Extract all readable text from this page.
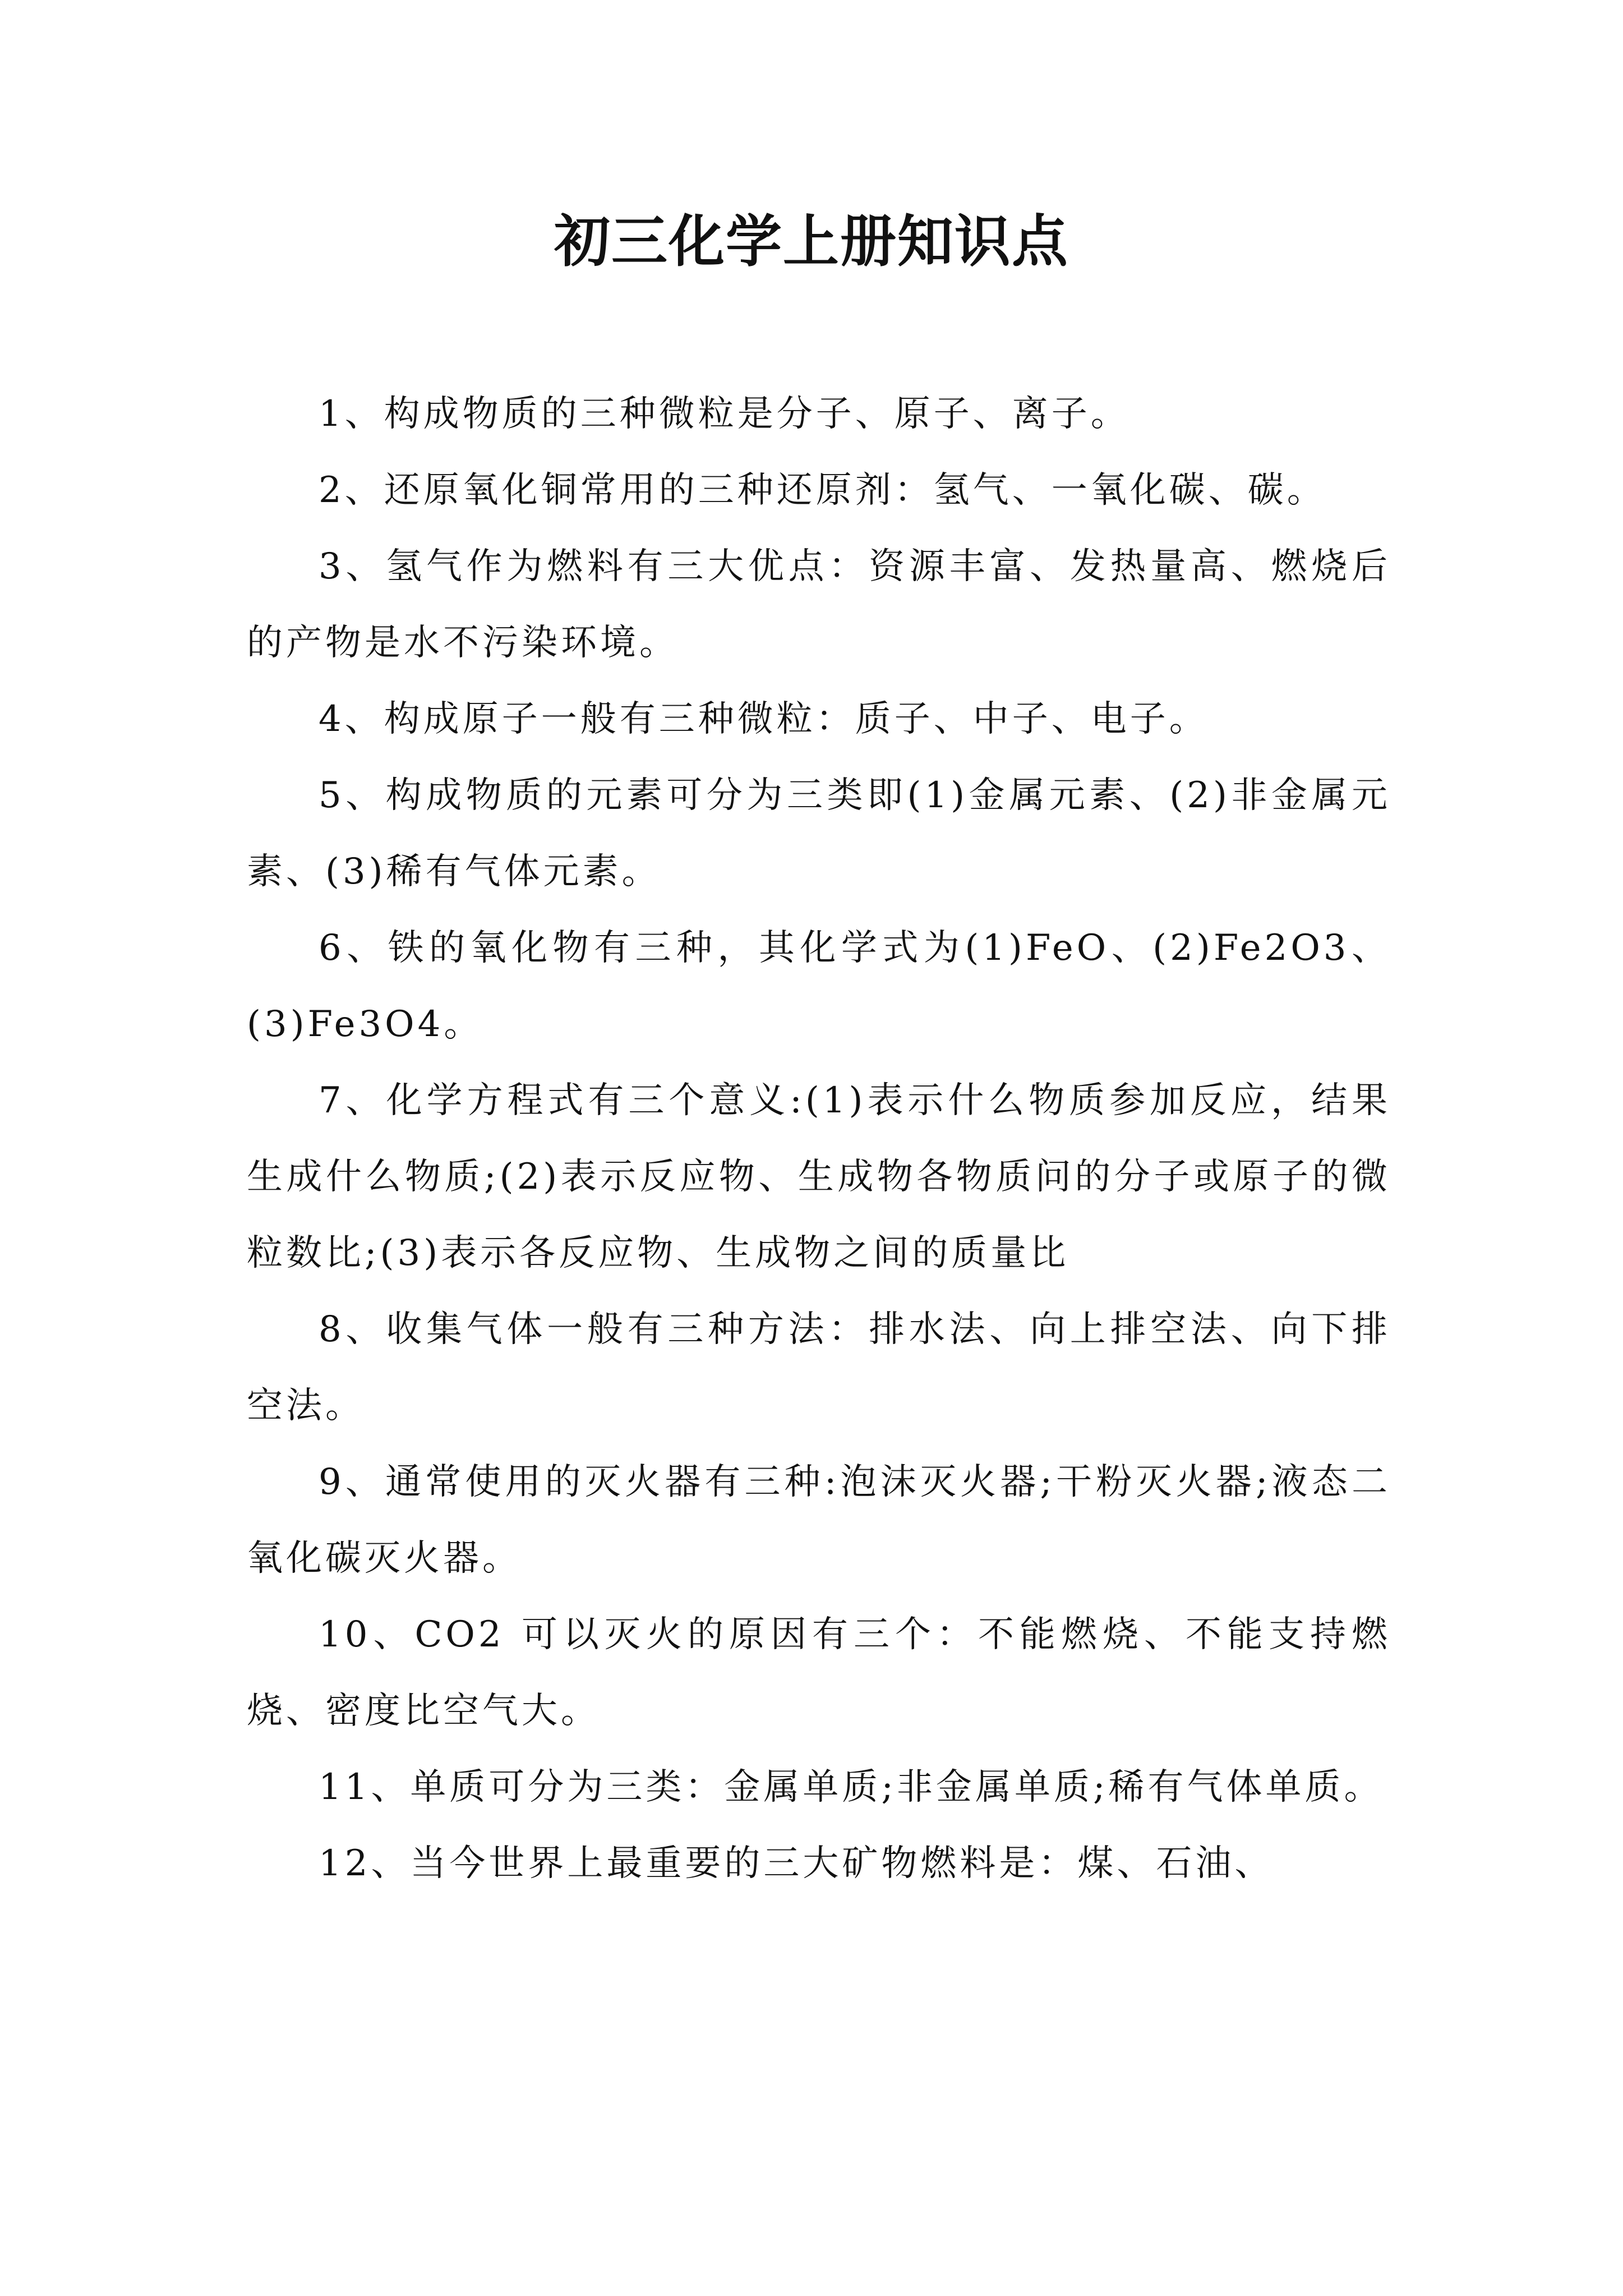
初三化学上册知识点

1、构成物质的三种微粒是分子、原子、离子。

2、还原氧化铜常用的三种还原剂：氢气、一氧化碳、碳。

3、氢气作为燃料有三大优点：资源丰富、发热量高、燃烧后的产物是水不污染环境。

4、构成原子一般有三种微粒：质子、中子、电子。

5、构成物质的元素可分为三类即(1)金属元素、(2)非金属元素、(3)稀有气体元素。

6、铁的氧化物有三种，其化学式为(1)FeO、(2)Fe2O3、(3)Fe3O4。

7、化学方程式有三个意义:(1)表示什么物质参加反应，结果生成什么物质;(2)表示反应物、生成物各物质问的分子或原子的微粒数比;(3)表示各反应物、生成物之间的质量比

8、收集气体一般有三种方法：排水法、向上排空法、向下排空法。

9、通常使用的灭火器有三种:泡沫灭火器;干粉灭火器;液态二氧化碳灭火器。

10、CO2 可以灭火的原因有三个：不能燃烧、不能支持燃烧、密度比空气大。

11、单质可分为三类：金属单质;非金属单质;稀有气体单质。

12、当今世界上最重要的三大矿物燃料是：煤、石油、
